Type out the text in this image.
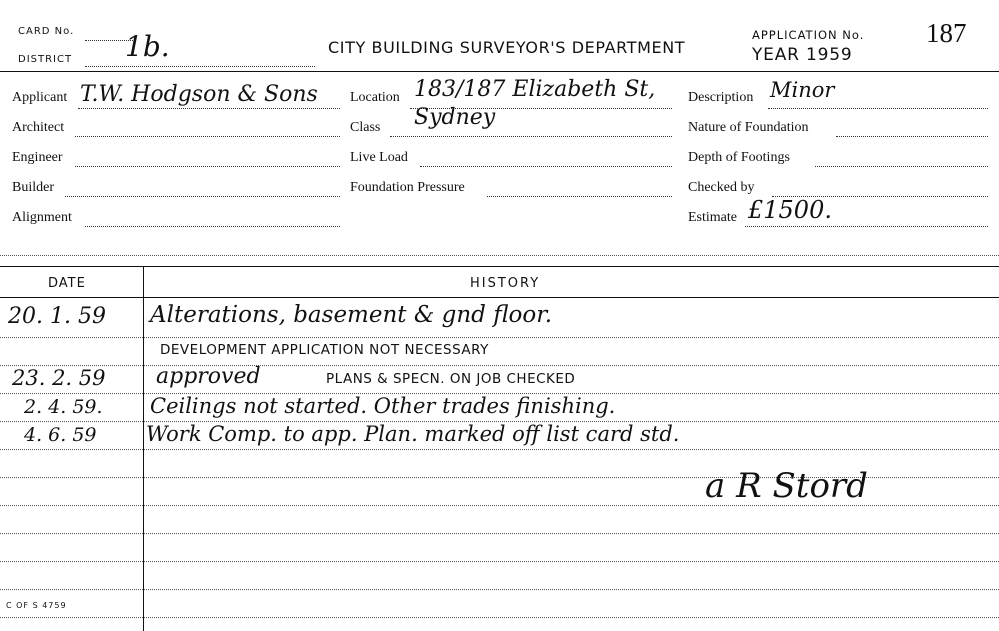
CARD No.
DISTRICT 1b.	CITY BUILDING SURVEYOR'S DEPARTMENT
APPLICATION No. 187
YEAR 1959
Applicant T.W. Hodgson & Sons
Architect
Engineer
Builder
Alignment
Location 183/187 Elizabeth St, Sydney
Class
Live Load
Foundation Pressure
Description Minor
Nature of Foundation
Depth of Footings
Checked by
Estimate £1500.
DATE	HISTORY
20. 1. 59 Alterations, basement & gnd floor.
DEVELOPMENT APPLICATION NOT NECESSARY
23. 2. 59 approved	PLANS & SPECN. ON JOB CHECKED
2. 4. 59. Ceilings not started. Other trades finishing.
4. 6. 59 Work Comp. to app. Plan. marked off list card std.
a R Stord
C OF S 4759
